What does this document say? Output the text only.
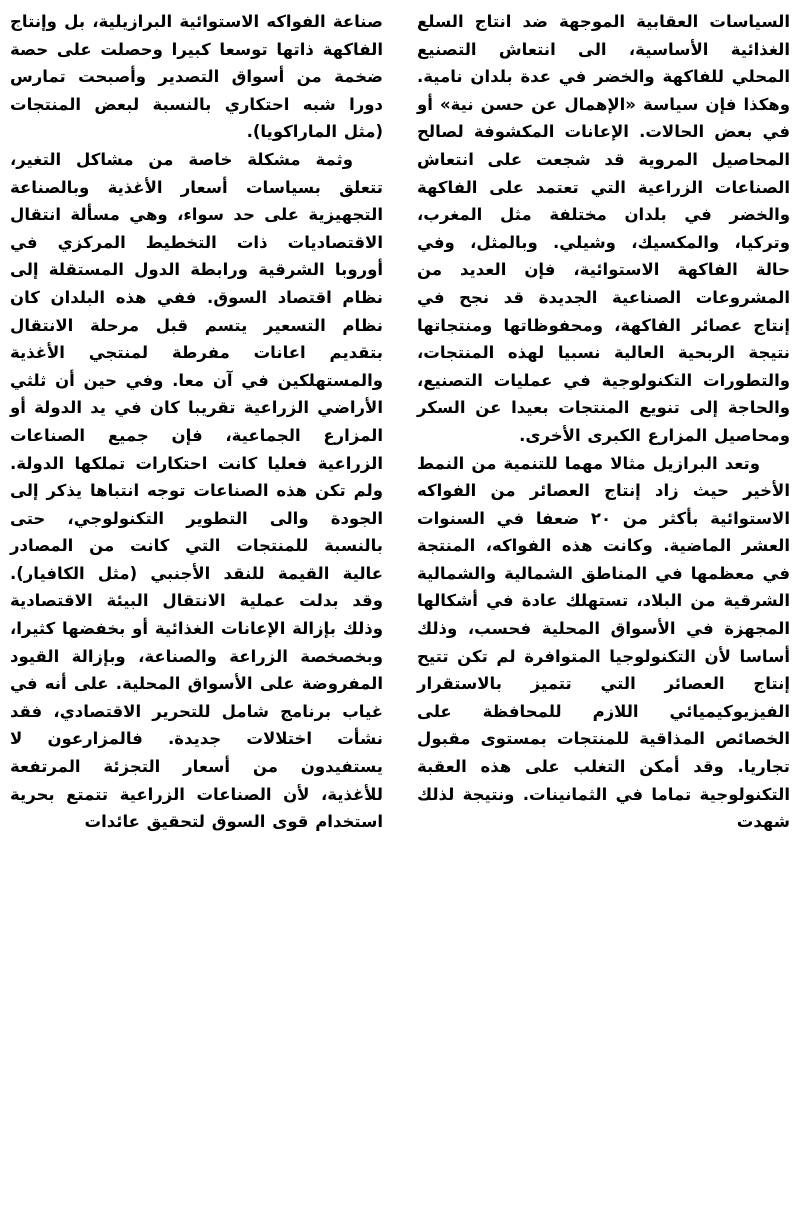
السياسات العقابية الموجهة ضد انتاج السلع الغذائية الأساسية، الى انتعاش التصنيع المحلي للفاكهة والخضر في عدة بلدان نامية. وهكذا فإن سياسة «الإهمال عن حسن نية» أو في بعض الحالات. الإعانات المكشوفة لصالح المحاصيل المروية قد شجعت على انتعاش الصناعات الزراعية التي تعتمد على الفاكهة والخضر في بلدان مختلفة مثل المغرب، وتركيا، والمكسيك، وشيلي. وبالمثل، وفي حالة الفاكهة الاستوائية، فإن العديد من المشروعات الصناعية الجديدة قد نجح في إنتاج عصائر الفاكهة، ومحفوظاتها ومنتجاتها نتيجة الربحية العالية نسبيا لهذه المنتجات، والتطورات التكنولوجية في عمليات التصنيع، والحاجة إلى تنويع المنتجات بعيدا عن السكر ومحاصيل المزارع الكبرى الأخرى.

وتعد البرازيل مثالا مهما للتنمية من النمط الأخير حيث زاد إنتاج العصائر من الفواكه الاستوائية بأكثر من ٢٠ ضعفا في السنوات العشر الماضية. وكانت هذه الفواكه، المنتجة في معظمها في المناطق الشمالية والشمالية الشرقية من البلاد، تستهلك عادة في أشكالها المجهزة في الأسواق المحلية فحسب، وذلك أساسا لأن التكنولوجيا المتوافرة لم تكن تتيح إنتاج العصائر التي تتميز بالاستقرار الفيزيوكيميائي اللازم للمحافظة على الخصائص المذاقية للمنتجات بمستوى مقبول تجاريا. وقد أمكن التغلب على هذه العقبة التكنولوجية تماما في الثمانينات. ونتيجة لذلك شهدت

صناعة الفواكه الاستوائية البرازيلية، بل وإنتاج الفاكهة ذاتها توسعا كبيرا وحصلت على حصة ضخمة من أسواق التصدير وأصبحت تمارس دورا شبه احتكاري بالنسبة لبعض المنتجات (مثل الماراكويا).

وثمة مشكلة خاصة من مشاكل التغير، تتعلق بسياسات أسعار الأغذية وبالصناعة التجهيزية على حد سواء، وهي مسألة انتقال الاقتصاديات ذات التخطيط المركزي في أوروبا الشرقية ورابطة الدول المستقلة إلى نظام اقتصاد السوق. ففي هذه البلدان كان نظام التسعير يتسم قبل مرحلة الانتقال بتقديم اعانات مفرطة لمنتجي الأغذية والمستهلكين في آن معا. وفي حين أن ثلثي الأراضي الزراعية تقريبا كان في يد الدولة أو المزارع الجماعية، فإن جميع الصناعات الزراعية فعليا كانت احتكارات تملكها الدولة. ولم تكن هذه الصناعات توجه انتباها يذكر إلى الجودة والى التطوير التكنولوجي، حتى بالنسبة للمنتجات التي كانت من المصادر عالية القيمة للنقد الأجنبي (مثل الكافيار). وقد بدلت عملية الانتقال البيئة الاقتصادية وذلك بإزالة الإعانات الغذائية أو بخفضها كثيرا، وبخصخصة الزراعة والصناعة، وبإزالة القيود المفروضة على الأسواق المحلية. على أنه في غياب برنامج شامل للتحرير الاقتصادي، فقد نشأت اختلالات جديدة. فالمزارعون لا يستفيدون من أسعار التجزئة المرتفعة للأغذية، لأن الصناعات الزراعية تتمتع بحرية استخدام قوى السوق لتحقيق عائدات
